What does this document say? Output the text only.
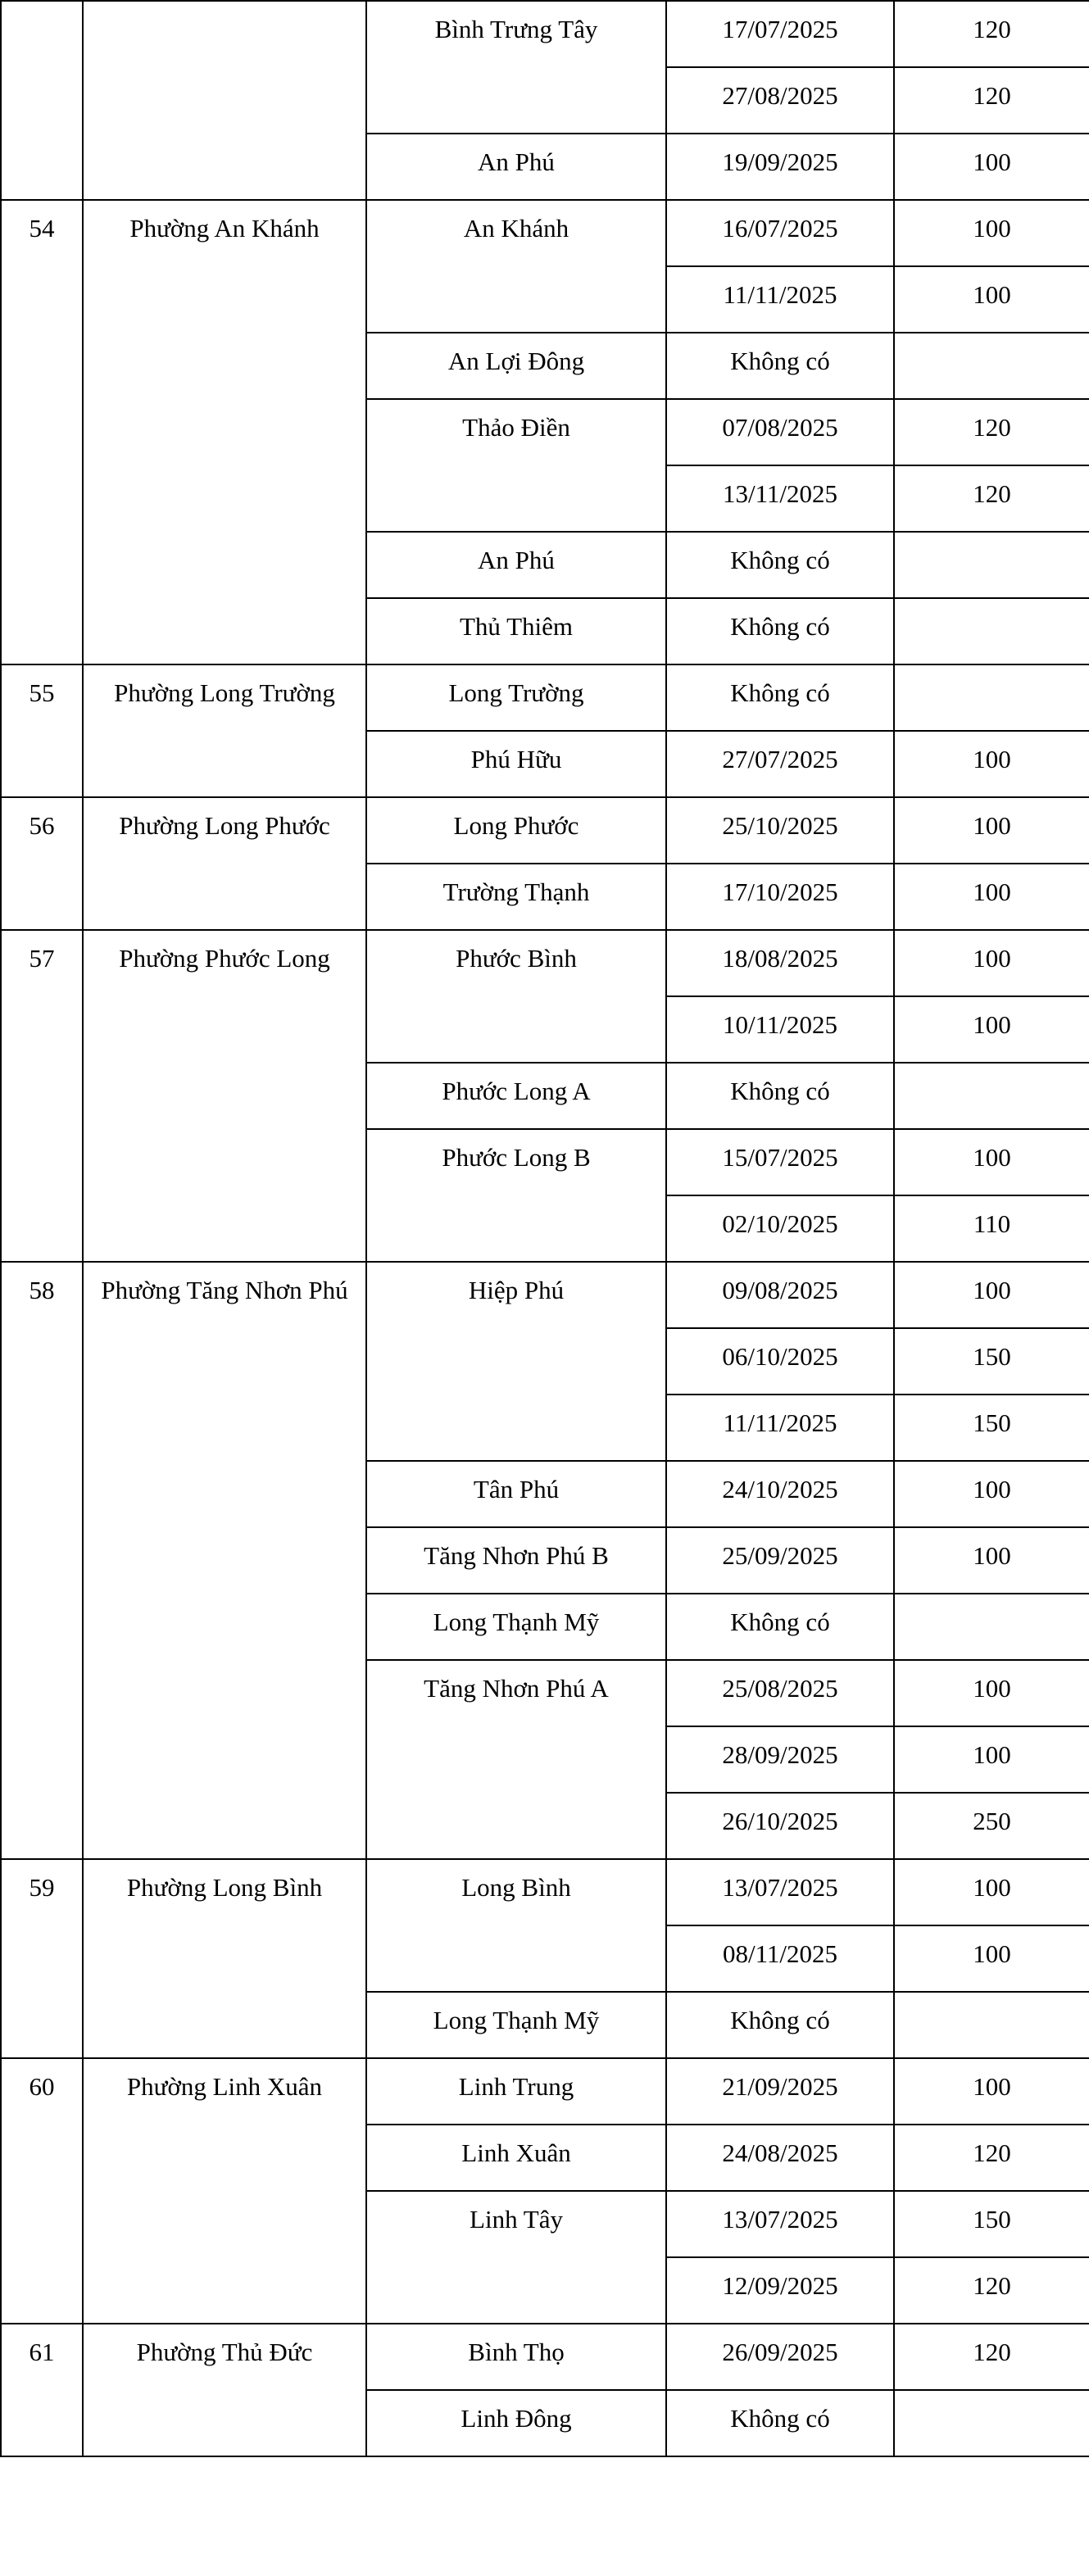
		Bình Trưng Tây	17/07/2025	120
			27/08/2025	120
		An Phú	19/09/2025	100
54	Phường An Khánh	An Khánh	16/07/2025	100
			11/11/2025	100
		An Lợi Đông	Không có	
		Thảo Điền	07/08/2025	120
			13/11/2025	120
		An Phú	Không có	
		Thủ Thiêm	Không có	
55	Phường Long Trường	Long Trường	Không có	
		Phú Hữu	27/07/2025	100
56	Phường Long Phước	Long Phước	25/10/2025	100
		Trường Thạnh	17/10/2025	100
57	Phường Phước Long	Phước Bình	18/08/2025	100
			10/11/2025	100
		Phước Long A	Không có	
		Phước Long B	15/07/2025	100
			02/10/2025	110
58	Phường Tăng Nhơn Phú	Hiệp Phú	09/08/2025	100
			06/10/2025	150
			11/11/2025	150
		Tân Phú	24/10/2025	100
		Tăng Nhơn Phú B	25/09/2025	100
		Long Thạnh Mỹ	Không có	
		Tăng Nhơn Phú A	25/08/2025	100
			28/09/2025	100
			26/10/2025	250
59	Phường Long Bình	Long Bình	13/07/2025	100
			08/11/2025	100
		Long Thạnh Mỹ	Không có	
60	Phường Linh Xuân	Linh Trung	21/09/2025	100
		Linh Xuân	24/08/2025	120
		Linh Tây	13/07/2025	150
			12/09/2025	120
61	Phường Thủ Đức	Bình Thọ	26/09/2025	120
		Linh Đông	Không có	
